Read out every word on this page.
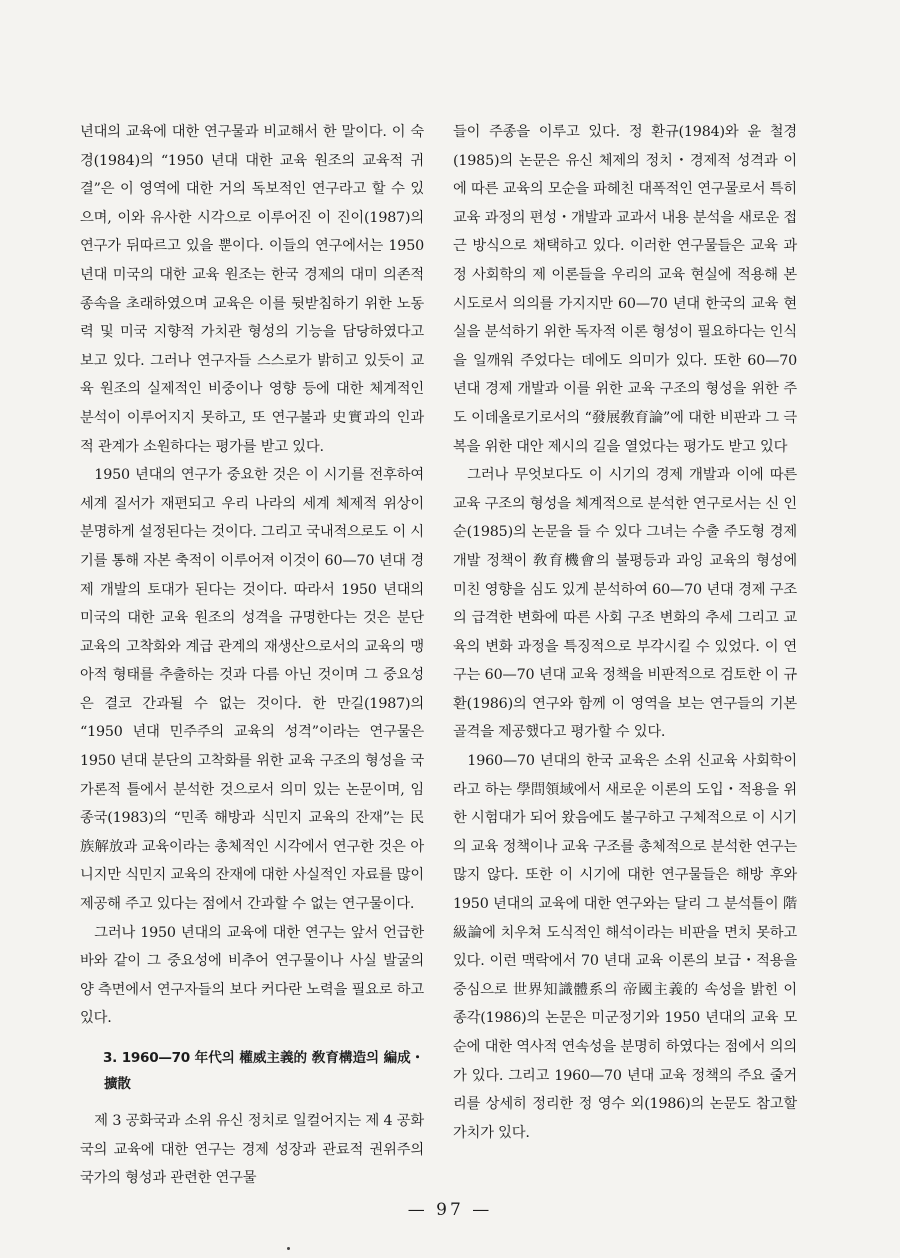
년대의 교육에 대한 연구물과 비교해서 한 말이다. 이 숙경(1984)의 “1950 년대 대한 교육 원조의 교육적 귀결”은 이 영역에 대한 거의 독보적인 연구라고 할 수 있으며, 이와 유사한 시각으로 이루어진 이 진이(1987)의 연구가 뒤따르고 있을 뿐이다. 이들의 연구에서는 1950 년대 미국의 대한 교육 원조는 한국 경제의 대미 의존적 종속을 초래하였으며 교육은 이를 뒷받침하기 위한 노동력 및 미국 지향적 가치관 형성의 기능을 담당하였다고 보고 있다. 그러나 연구자들 스스로가 밝히고 있듯이 교육 원조의 실제적인 비중이나 영향 등에 대한 체계적인 분석이 이루어지지 못하고, 또 연구불과 史實과의 인과적 관계가 소원하다는 평가를 받고 있다.

1950 년대의 연구가 중요한 것은 이 시기를 전후하여 세계 질서가 재편되고 우리 나라의 세계 체제적 위상이 분명하게 설정된다는 것이다. 그리고 국내적으로도 이 시기를 통해 자본 축적이 이루어져 이것이 60—70 년대 경제 개발의 토대가 된다는 것이다. 따라서 1950 년대의 미국의 대한 교육 원조의 성격을 규명한다는 것은 분단 교육의 고착화와 계급 관계의 재생산으로서의 교육의 맹아적 형태를 추출하는 것과 다름 아닌 것이며 그 중요성은 결코 간과될 수 없는 것이다. 한 만길(1987)의 “1950 년대 민주주의 교육의 성격”이라는 연구물은 1950 년대 분단의 고착화를 위한 교육 구조의 형성을 국가론적 틀에서 분석한 것으로서 의미 있는 논문이며, 임 종국(1983)의 “민족 해방과 식민지 교육의 잔재”는 民族解放과 교육이라는 총체적인 시각에서 연구한 것은 아니지만 식민지 교육의 잔재에 대한 사실적인 자료를 많이 제공해 주고 있다는 점에서 간과할 수 없는 연구물이다.

그러나 1950 년대의 교육에 대한 연구는 앞서 언급한 바와 같이 그 중요성에 비추어 연구물이나 사실 발굴의 양 측면에서 연구자들의 보다 커다란 노력을 필요로 하고 있다.

3. 1960—70 年代의 權威主義的 敎育構造의 編成・擴散

제 3 공화국과 소위 유신 정치로 일컬어지는 제 4 공화국의 교육에 대한 연구는 경제 성장과 관료적 권위주의 국가의 형성과 관련한 연구물

들이 주종을 이루고 있다. 정 환규(1984)와 윤 철경(1985)의 논문은 유신 체제의 정치・경제적 성격과 이에 따른 교육의 모순을 파헤친 대폭적인 연구물로서 특히 교육 과정의 편성・개발과 교과서 내용 분석을 새로운 접근 방식으로 채택하고 있다. 이러한 연구물들은 교육 과정 사회학의 제 이론들을 우리의 교육 현실에 적용해 본 시도로서 의의를 가지지만 60—70 년대 한국의 교육 현실을 분석하기 위한 독자적 이론 형성이 필요하다는 인식을 일깨워 주었다는 데에도 의미가 있다. 또한 60—70 년대 경제 개발과 이를 위한 교육 구조의 형성을 위한 주도 이데올로기로서의 “發展敎育論”에 대한 비판과 그 극복을 위한 대안 제시의 길을 열었다는 평가도 받고 있다

그러나 무엇보다도 이 시기의 경제 개발과 이에 따른 교육 구조의 형성을 체계적으로 분석한 연구로서는 신 인순(1985)의 논문을 들 수 있다 그녀는 수출 주도형 경제 개발 정책이 敎育機會의 불평등과 과잉 교육의 형성에 미친 영향을 심도 있게 분석하여 60—70 년대 경제 구조의 급격한 변화에 따른 사회 구조 변화의 추세 그리고 교육의 변화 과정을 특징적으로 부각시킬 수 있었다. 이 연구는 60—70 년대 교육 정책을 비판적으로 검토한 이 규환(1986)의 연구와 함께 이 영역을 보는 연구들의 기본 골격을 제공했다고 평가할 수 있다.

1960—70 년대의 한국 교육은 소위 신교육 사회학이라고 하는 學問領域에서 새로운 이론의 도입・적용을 위한 시험대가 되어 왔음에도 불구하고 구체적으로 이 시기의 교육 정책이나 교육 구조를 총체적으로 분석한 연구는 많지 않다. 또한 이 시기에 대한 연구물들은 해방 후와 1950 년대의 교육에 대한 연구와는 달리 그 분석틀이 階級論에 치우쳐 도식적인 해석이라는 비판을 면치 못하고 있다. 이런 맥락에서 70 년대 교육 이론의 보급・적용을 중심으로 世界知識體系의 帝國主義的 속성을 밝힌 이 종각(1986)의 논문은 미군정기와 1950 년대의 교육 모순에 대한 역사적 연속성을 분명히 하였다는 점에서 의의가 있다. 그리고 1960—70 년대 교육 정책의 주요 줄거리를 상세히 정리한 정 영수 외(1986)의 논문도 참고할 가치가 있다.

— 97 —
